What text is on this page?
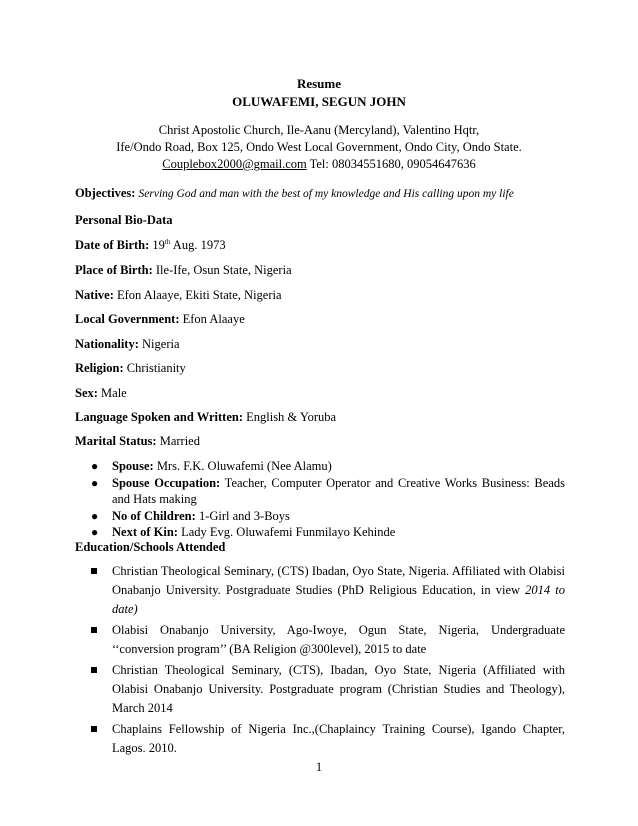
Resume
OLUWAFEMI, SEGUN JOHN
Christ Apostolic Church, Ile-Aanu (Mercyland), Valentino Hqtr,
Ife/Ondo Road, Box 125, Ondo West Local Government, Ondo City, Ondo State.
Couplebox2000@gmail.com Tel: 08034551680, 09054647636
Objectives: Serving God and man with the best of my knowledge and His calling upon my life
Personal Bio-Data
Date of Birth: 19th Aug. 1973
Place of Birth: Ile-Ife, Osun State, Nigeria
Native: Efon Alaaye, Ekiti State, Nigeria
Local Government: Efon Alaaye
Nationality: Nigeria
Religion: Christianity
Sex: Male
Language Spoken and Written: English & Yoruba
Marital Status: Married
● Spouse: Mrs. F.K. Oluwafemi (Nee Alamu)
● Spouse Occupation: Teacher, Computer Operator and Creative Works Business: Beads and Hats making
● No of Children: 1-Girl and 3-Boys
● Next of Kin: Lady Evg. Oluwafemi Funmilayo Kehinde
Education/Schools Attended
Christian Theological Seminary, (CTS) Ibadan, Oyo State, Nigeria. Affiliated with Olabisi Onabanjo University. Postgraduate Studies (PhD Religious Education, in view 2014 to date)
Olabisi Onabanjo University, Ago-Iwoye, Ogun State, Nigeria, Undergraduate ‘‘conversion program’’ (BA Religion @300level), 2015 to date
Christian Theological Seminary, (CTS), Ibadan, Oyo State, Nigeria (Affiliated with Olabisi Onabanjo University. Postgraduate program (Christian Studies and Theology), March 2014
Chaplains Fellowship of Nigeria Inc.,(Chaplaincy Training Course), Igando Chapter, Lagos. 2010.
1
